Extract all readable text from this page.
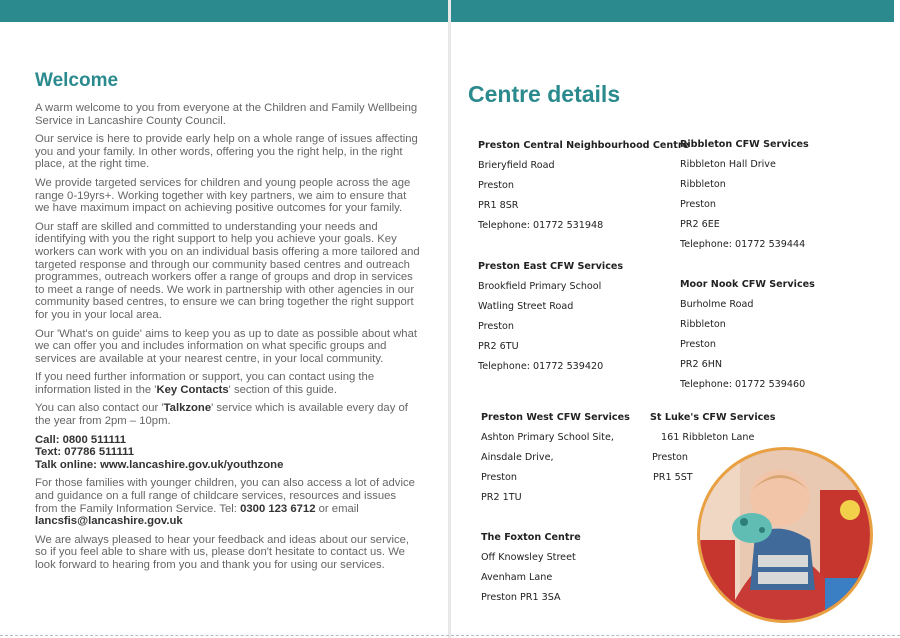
Welcome

A warm welcome to you from everyone at the Children and Family Wellbeing Service in Lancashire County Council.

Our service is here to provide early help on a whole range of issues affecting you and your family. In other words, offering you the right help, in the right place, at the right time.

We provide targeted services for children and young people across the age range 0-19yrs+. Working together with key partners, we aim to ensure that we have maximum impact on achieving positive outcomes for your family.

Our staff are skilled and committed to understanding your needs and identifying with you the right support to help you achieve your goals. Key workers can work with you on an individual basis offering a more tailored and targeted response and through our community based centres and outreach programmes, outreach workers offer a range of groups and drop in services to meet a range of needs. We work in partnership with other agencies in our community based centres, to ensure we can bring together the right support for you in your local area.

Our 'What's on guide' aims to keep you as up to date as possible about what we can offer you and includes information on what specific groups and services are available at your nearest centre, in your local community.

If you need further information or support, you can contact using the information listed in the 'Key Contacts' section of this guide.

You can also contact our 'Talkzone' service which is available every day of the year from 2pm – 10pm.

Call: 0800 511111
Text: 07786 511111
Talk online: www.lancashire.gov.uk/youthzone

For those families with younger children, you can also access a lot of advice and guidance on a full range of childcare services, resources and issues from the Family Information Service. Tel: 0300 123 6712 or email lancsfis@lancashire.gov.uk

We are always pleased to hear your feedback and ideas about our service, so if you feel able to share with us, please don't hesitate to contact us. We look forward to hearing from you and thank you for using our services.

Centre details
Preston Central Neighbourhood Centre
Brieryfield Road
Preston
PR1 8SR
Telephone: 01772 531948
Ribbleton CFW Services
Ribbleton Hall Drive
Ribbleton
Preston
PR2 6EE
Telephone: 01772 539444
Preston East CFW Services
Brookfield Primary School
Watling Street Road
Preston
PR2 6TU
Telephone: 01772 539420
Moor Nook CFW Services
Burholme Road
Ribbleton
Preston
PR2 6HN
Telephone: 01772 539460
Preston West CFW Services
Ashton Primary School Site,
Ainsdale Drive,
Preston
PR2 1TU
St Luke's CFW Services
161 Ribbleton Lane
Preston
PR1 5ST
The Foxton Centre
Off Knowsley Street
Avenham Lane
Preston PR1 3SA
